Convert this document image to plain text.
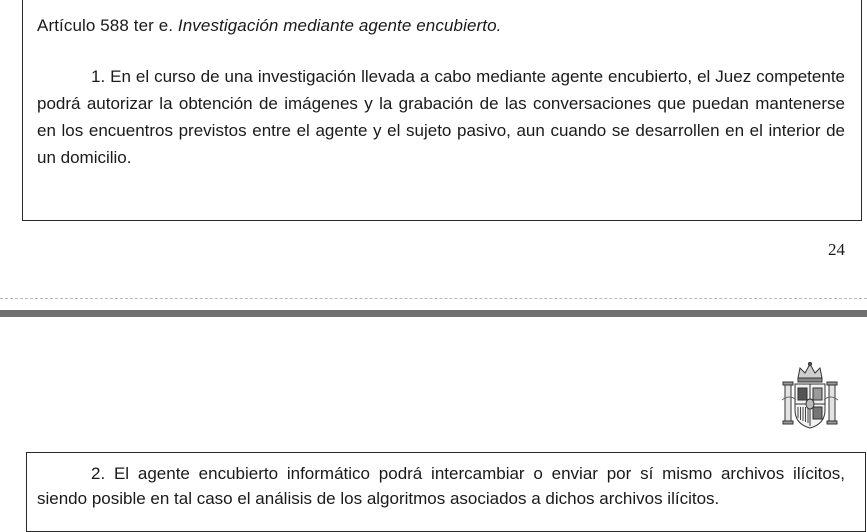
Artículo 588 ter e. Investigación mediante agente encubierto.

1. En el curso de una investigación llevada a cabo mediante agente encubierto, el Juez competente podrá autorizar la obtención de imágenes y la grabación de las conversaciones que puedan mantenerse en los encuentros previstos entre el agente y el sujeto pasivo, aun cuando se desarrollen en el interior de un domicilio.

24

2. El agente encubierto informático podrá intercambiar o enviar por sí mismo archivos ilícitos, siendo posible en tal caso el análisis de los algoritmos asociados a dichos archivos ilícitos.
